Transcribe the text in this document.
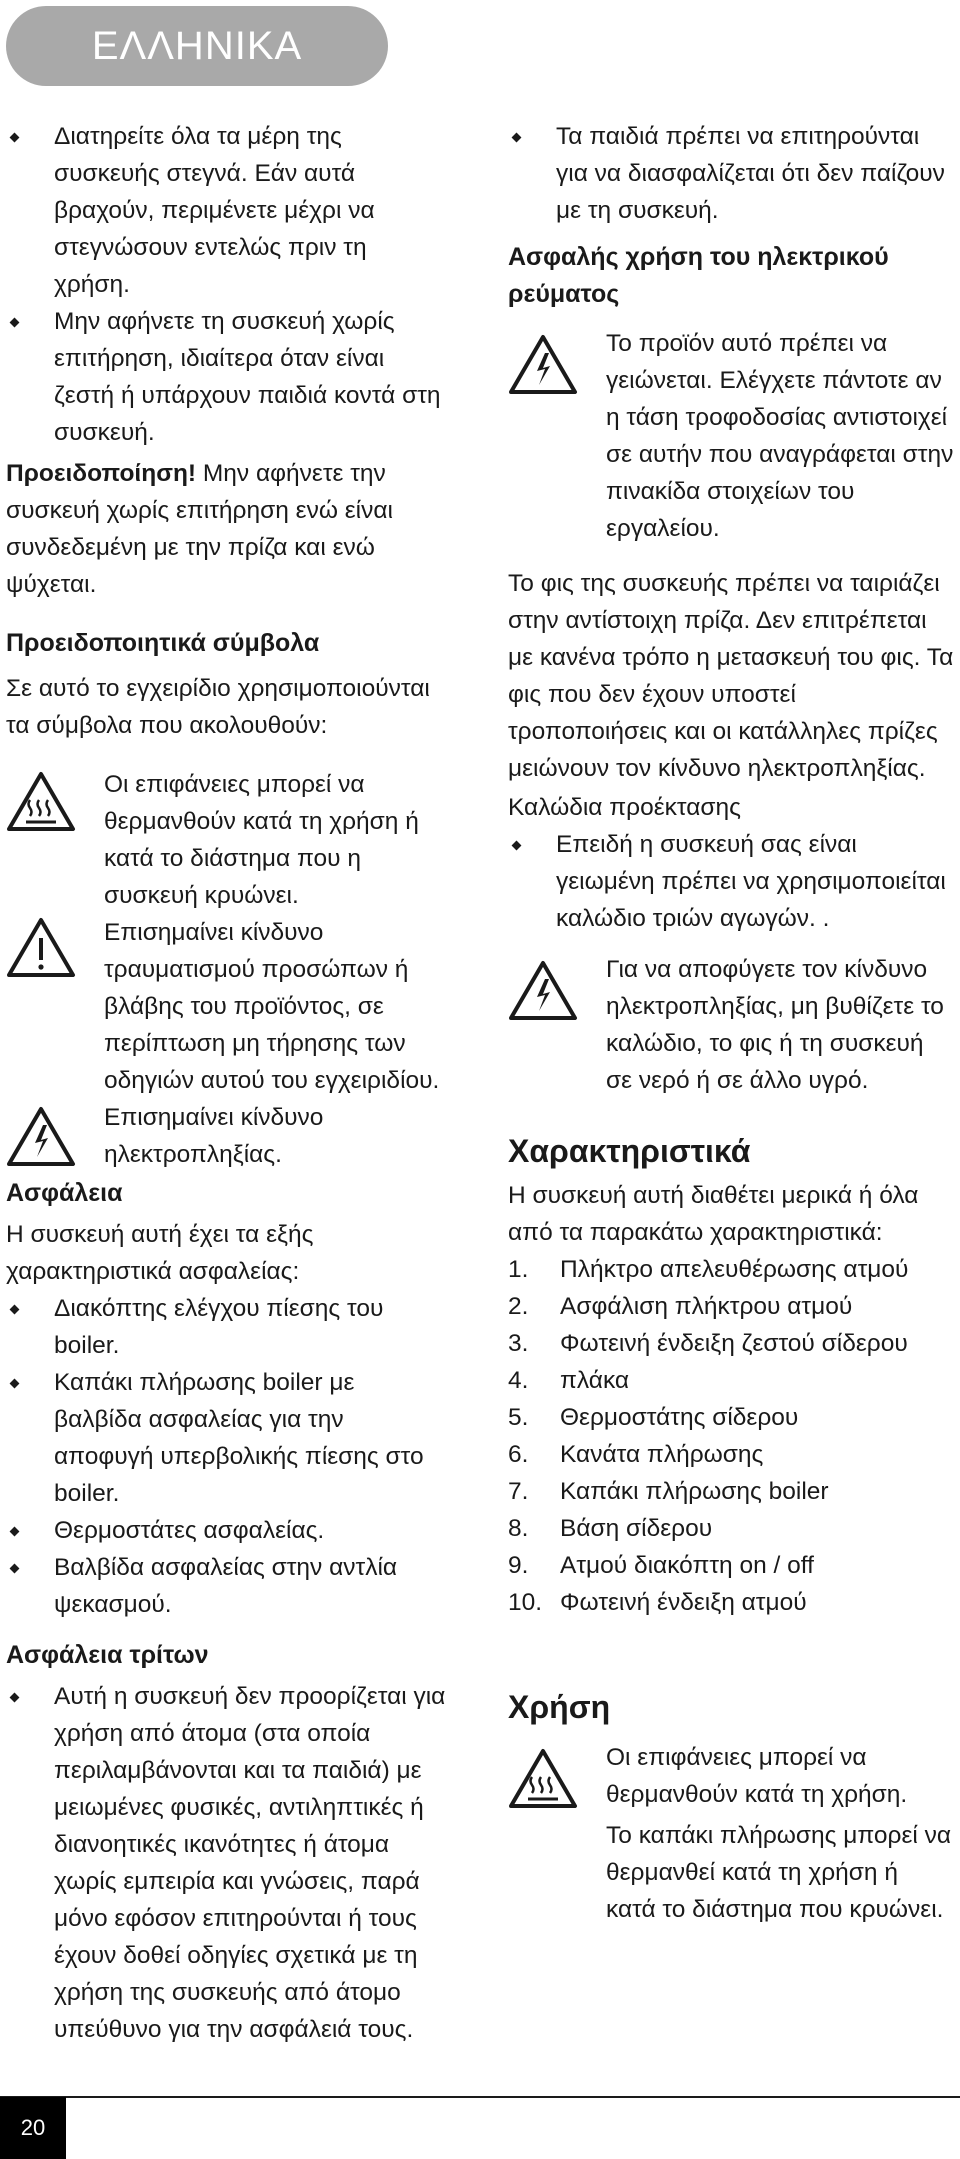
ΕΛΛΗΝΙΚΑ

Διατηρείτε όλα τα μέρη της συσκευής στεγνά. Εάν αυτά βραχούν, περιμένετε μέχρι να στεγνώσουν εντελώς πριν τη χρήση.

Μην αφήνετε τη συσκευή χωρίς επιτήρηση, ιδιαίτερα όταν είναι ζεστή ή υπάρχουν παιδιά κοντά στη συσκευή.

Προειδοποίηση! Μην αφήνετε την συσκευή χωρίς επιτήρηση ενώ είναι συνδεδεμένη με την πρίζα και ενώ ψύχεται.

Προειδοποιητικά σύμβολα

Σε αυτό το εγχειρίδιο χρησιμοποιούνται τα σύμβολα που ακολουθούν:

Οι επιφάνειες μπορεί να θερμανθούν κατά τη χρήση ή κατά το διάστημα που η συσκευή κρυώνει.

Επισημαίνει κίνδυνο τραυματισμού προσώπων ή βλάβης του προϊόντος, σε περίπτωση μη τήρησης των οδηγιών αυτού του εγχειριδίου.

Επισημαίνει κίνδυνο ηλεκτροπληξίας.

Ασφάλεια

Η συσκευή αυτή έχει τα εξής χαρακτηριστικά ασφαλείας:

Διακόπτης ελέγχου πίεσης του boiler.

Καπάκι πλήρωσης boiler με βαλβίδα ασφαλείας για την αποφυγή υπερβολικής πίεσης στο boiler.

Θερμοστάτες ασφαλείας.

Βαλβίδα ασφαλείας στην αντλία ψεκασμού.

Ασφάλεια τρίτων

Αυτή η συσκευή δεν προορίζεται για χρήση από άτομα (στα οποία περιλαμβάνονται και τα παιδιά) με μειωμένες φυσικές, αντιληπτικές ή διανοητικές ικανότητες ή άτομα χωρίς εμπειρία και γνώσεις, παρά μόνο εφόσον επιτηρούνται ή τους έχουν δοθεί οδηγίες σχετικά με τη χρήση της συσκευής από άτομο υπεύθυνο για την ασφάλειά τους.

Τα παιδιά πρέπει να επιτηρούνται για να διασφαλίζεται ότι δεν παίζουν με τη συσκευή.

Ασφαλής χρήση του ηλεκτρικού ρεύματος

Το προϊόν αυτό πρέπει να γειώνεται. Ελέγχετε πάντοτε αν η τάση τροφοδοσίας αντιστοιχεί σε αυτήν που αναγράφεται στην πινακίδα στοιχείων του εργαλείου.

Το φις της συσκευής πρέπει να ταιριάζει στην αντίστοιχη πρίζα. Δεν επιτρέπεται με κανένα τρόπο η μετασκευή του φις. Τα φις που δεν έχουν υποστεί τροποποιήσεις και οι κατάλληλες πρίζες μειώνουν τον κίνδυνο ηλεκτροπληξίας.

Καλώδια προέκτασης

Επειδή η συσκευή σας είναι γειωμένη πρέπει να χρησιμοποιείται καλώδιο τριών αγωγών. .

Για να αποφύγετε τον κίνδυνο ηλεκτροπληξίας, μη βυθίζετε το καλώδιο, το φις ή τη συσκευή σε νερό ή σε άλλο υγρό.

Χαρακτηριστικά

Η συσκευή αυτή διαθέτει μερικά ή όλα από τα παρακάτω χαρακτηριστικά:

1. Πλήκτρο απελευθέρωσης ατμού

2. Ασφάλιση πλήκτρου ατμού

3. Φωτεινή ένδειξη ζεστού σίδερου

4. πλάκα

5. Θερμοστάτης σίδερου

6. Κανάτα πλήρωσης

7. Καπάκι πλήρωσης boiler

8. Βάση σίδερου

9. Ατμού διακόπτη on / off

10. Φωτεινή ένδειξη ατμού

Χρήση

Οι επιφάνειες μπορεί να θερμανθούν κατά τη χρήση.

Το καπάκι πλήρωσης μπορεί να θερμανθεί κατά τη χρήση ή κατά το διάστημα που κρυώνει.

20
